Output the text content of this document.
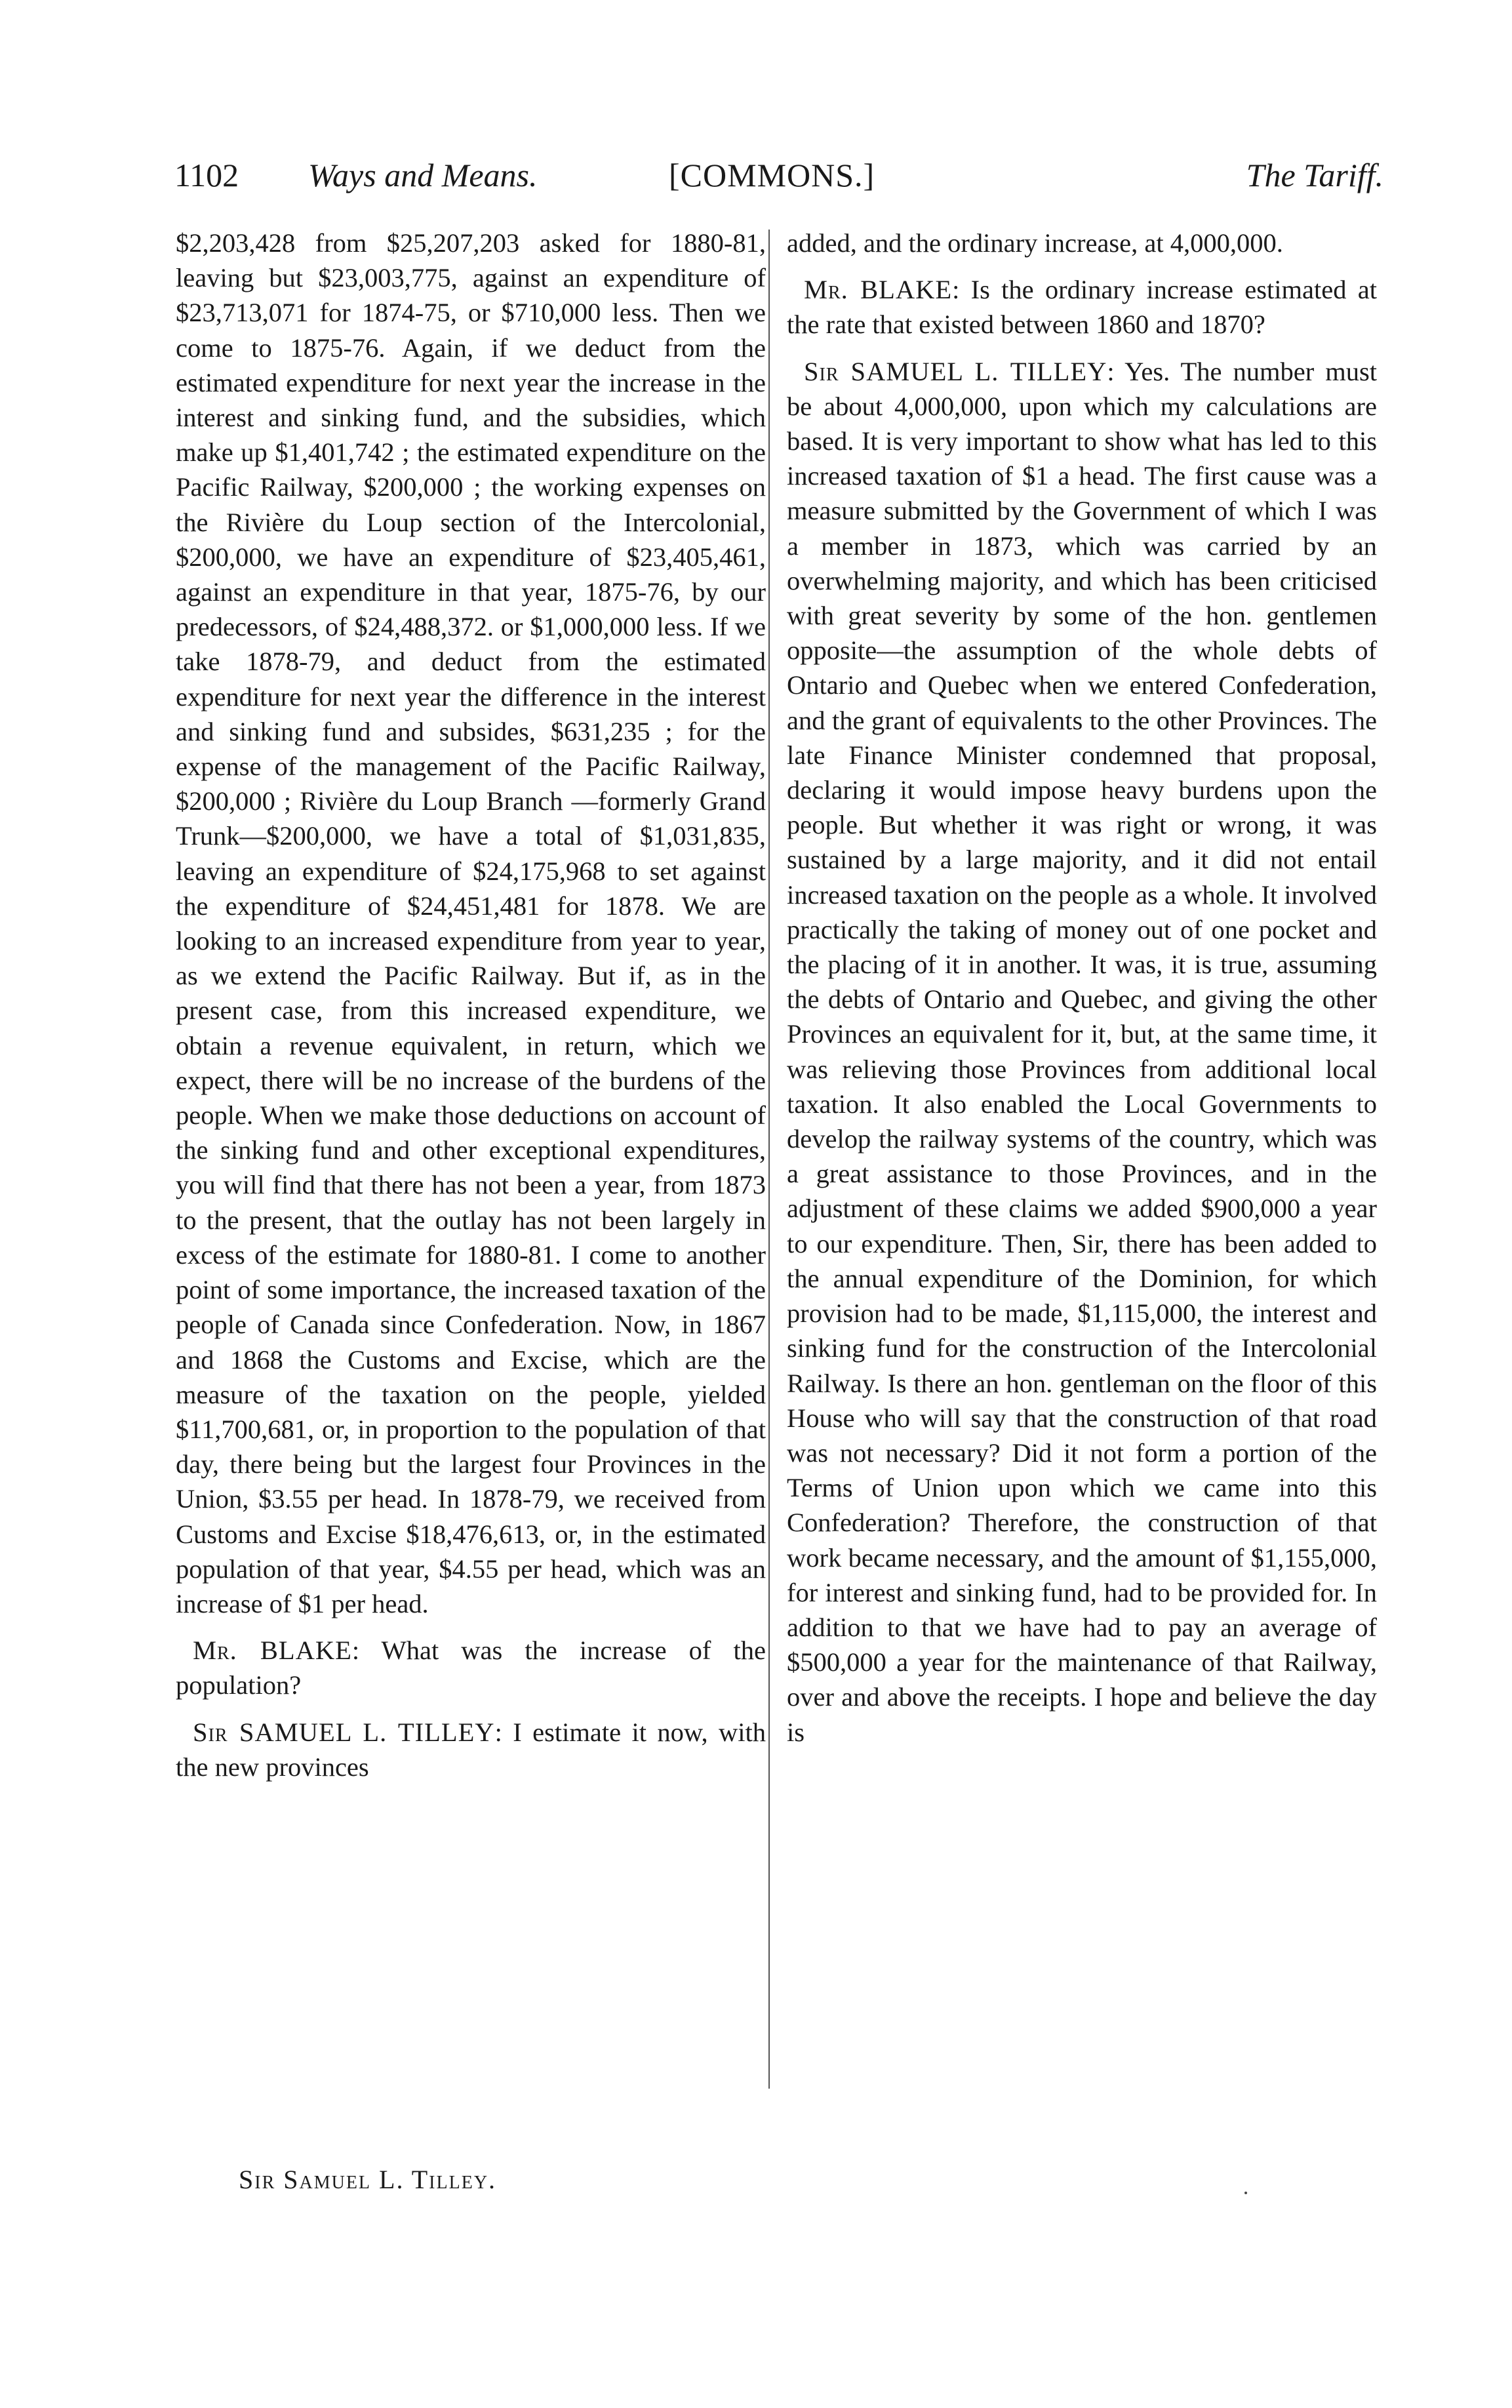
1102 Ways and Means.	[COMMONS.]	The Tariff.

$2,203,428 from $25,207,203 asked for 1880-81, leaving but $23,003,775, against an expenditure of $23,713,071 for 1874-75, or $710,000 less. Then we come to 1875-76. Again, if we deduct from the estimated expenditure for next year the increase in the interest and sinking fund, and the subsidies, which make up $1,401,742 ; the estimated expenditure on the Pacific Railway, $200,000 ; the working expenses on the Rivière du Loup section of the Intercolonial, $200,000, we have an expenditure of $23,405,461, against an expenditure in that year, 1875-76, by our predecessors, of $24,488,372. or $1,000,000 less. If we take 1878-79, and deduct from the estimated expenditure for next year the difference in the interest and sinking fund and subsides, $631,235 ; for the expense of the management of the Pacific Railway, $200,000 ; Rivière du Loup Branch —formerly Grand Trunk—$200,000, we have a total of $1,031,835, leaving an expenditure of $24,175,968 to set against the expenditure of $24,451,481 for 1878. We are looking to an increased expenditure from year to year, as we extend the Pacific Railway. But if, as in the present case, from this increased expenditure, we obtain a revenue equivalent, in return, which we expect, there will be no increase of the burdens of the people. When we make those deductions on account of the sinking fund and other exceptional expenditures, you will find that there has not been a year, from 1873 to the present, that the outlay has not been largely in excess of the estimate for 1880-81. I come to another point of some importance, the increased taxation of the people of Canada since Confederation. Now, in 1867 and 1868 the Customs and Excise, which are the measure of the taxation on the people, yielded $11,700,681, or, in proportion to the population of that day, there being but the largest four Provinces in the Union, $3.55 per head. In 1878-79, we received from Customs and Excise $18,476,613, or, in the estimated population of that year, $4.55 per head, which was an increase of $1 per head.

Mr. BLAKE: What was the increase of the population?

Sir SAMUEL L. TILLEY: I estimate it now, with the new provinces

added, and the ordinary increase, at 4,000,000.

Mr. BLAKE: Is the ordinary increase estimated at the rate that existed between 1860 and 1870?

Sir SAMUEL L. TILLEY: Yes. The number must be about 4,000,000, upon which my calculations are based. It is very important to show what has led to this increased taxation of $1 a head. The first cause was a measure submitted by the Government of which I was a member in 1873, which was carried by an overwhelming majority, and which has been criticised with great severity by some of the hon. gentlemen opposite—the assumption of the whole debts of Ontario and Quebec when we entered Confederation, and the grant of equivalents to the other Provinces. The late Finance Minister condemned that proposal, declaring it would impose heavy burdens upon the people. But whether it was right or wrong, it was sustained by a large majority, and it did not entail increased taxation on the people as a whole. It involved practically the taking of money out of one pocket and the placing of it in another. It was, it is true, assuming the debts of Ontario and Quebec, and giving the other Provinces an equivalent for it, but, at the same time, it was relieving those Provinces from additional local taxation. It also enabled the Local Governments to develop the railway systems of the country, which was a great assistance to those Provinces, and in the adjustment of these claims we added $900,000 a year to our expenditure. Then, Sir, there has been added to the annual expenditure of the Dominion, for which provision had to be made, $1,115,000, the interest and sinking fund for the construction of the Intercolonial Railway. Is there an hon. gentleman on the floor of this House who will say that the construction of that road was not necessary? Did it not form a portion of the Terms of Union upon which we came into this Confederation? Therefore, the construction of that work became necessary, and the amount of $1,155,000, for interest and sinking fund, had to be provided for. In addition to that we have had to pay an average of $500,000 a year for the maintenance of that Railway, over and above the receipts. I hope and believe the day is

Sir Samuel L. Tilley.
